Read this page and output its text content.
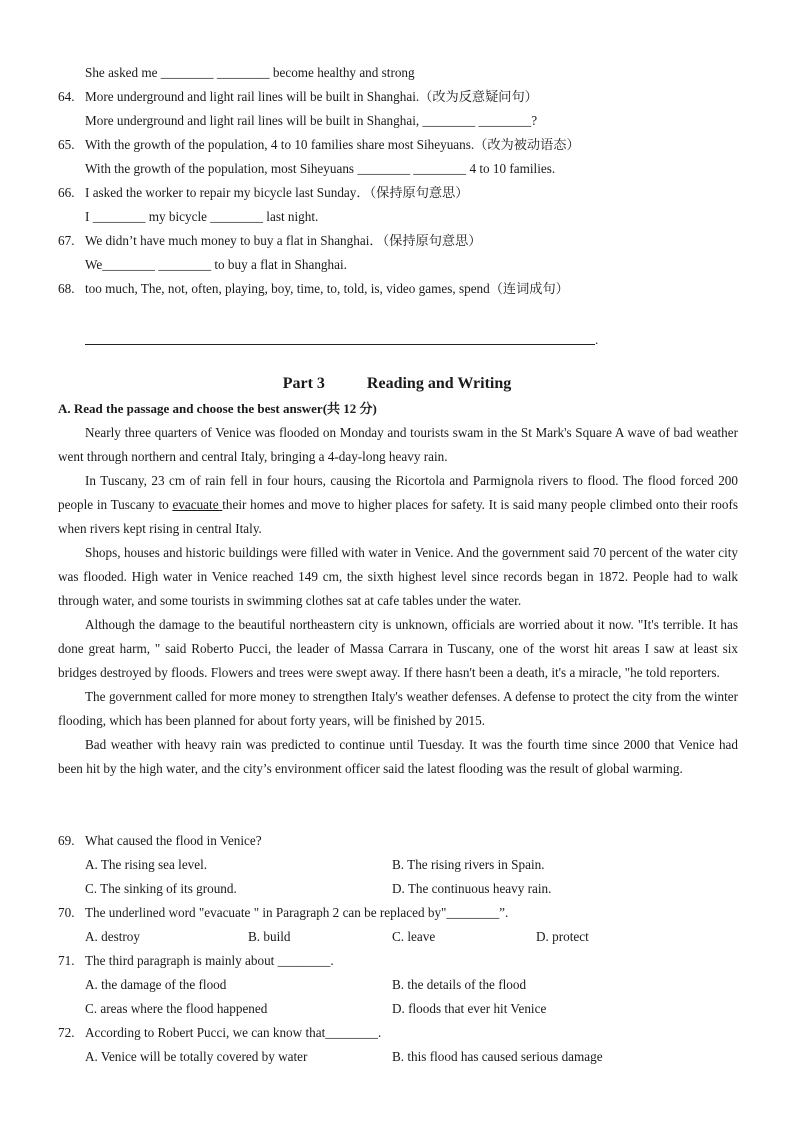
She asked me ________ ________ become healthy and strong
64. More underground and light rail lines will be built in Shanghai.（改为反意疑问句）
More underground and light rail lines will be built in Shanghai, ________ ________?
65. With the growth of the population, 4 to 10 families share most Siheyuans.（改为被动语态）
With the growth of the population, most Siheyuans ________ ________ 4 to 10 families.
66. I asked the worker to repair my bicycle last Sunday．（保持原句意思）
I ________ my bicycle ________ last night.
67. We didn’t have much money to buy a flat in Shanghai．（保持原句意思）
We________ ________ to buy a flat in Shanghai.
68. too much, The, not, often, playing, boy, time, to, told, is, video games, spend（连词成句）
.
Part 3	Reading and Writing
A. Read the passage and choose the best answer(共 12 分)

Nearly three quarters of Venice was flooded on Monday and tourists swam in the St Mark's Square A wave of bad weather went through northern and central Italy, bringing a 4-day-long heavy rain.

In Tuscany, 23 cm of rain fell in four hours, causing the Ricortola and Parmignola rivers to flood. The flood forced 200 people in Tuscany to evacuate their homes and move to higher places for safety. It is said many people climbed onto their roofs when rivers kept rising in central Italy.

Shops, houses and historic buildings were filled with water in Venice. And the government said 70 percent of the water city was flooded. High water in Venice reached 149 cm, the sixth highest level since records began in 1872. People had to walk through water, and some tourists in swimming clothes sat at cafe tables under the water.

Although the damage to the beautiful northeastern city is unknown, officials are worried about it now. "It's terrible. It has done great harm, " said Roberto Pucci, the leader of Massa Carrara in Tuscany, one of the worst hit areas I saw at least six bridges destroyed by floods. Flowers and trees were swept away. If there hasn't been a death, it's a miracle, "he told reporters.

The government called for more money to strengthen Italy's weather defenses. A defense to protect the city from the winter flooding, which has been planned for about forty years, will be finished by 2015.

Bad weather with heavy rain was predicted to continue until Tuesday. It was the fourth time since 2000 that Venice had been hit by the high water, and the city’s environment officer said the latest flooding was the result of global warming.

69. What caused the flood in Venice?
A. The rising sea level.	B. The rising rivers in Spain.
C. The sinking of its ground.	D. The continuous heavy rain.
70. The underlined word "evacuate " in Paragraph 2 can be replaced by"________”.
A. destroy	B. build	C. leave	D. protect
71. The third paragraph is mainly about ________.
A. the damage of the flood	B. the details of the flood
C. areas where the flood happened	D. floods that ever hit Venice
72. According to Robert Pucci, we can know that________.
A. Venice will be totally covered by water	B. this flood has caused serious damage
